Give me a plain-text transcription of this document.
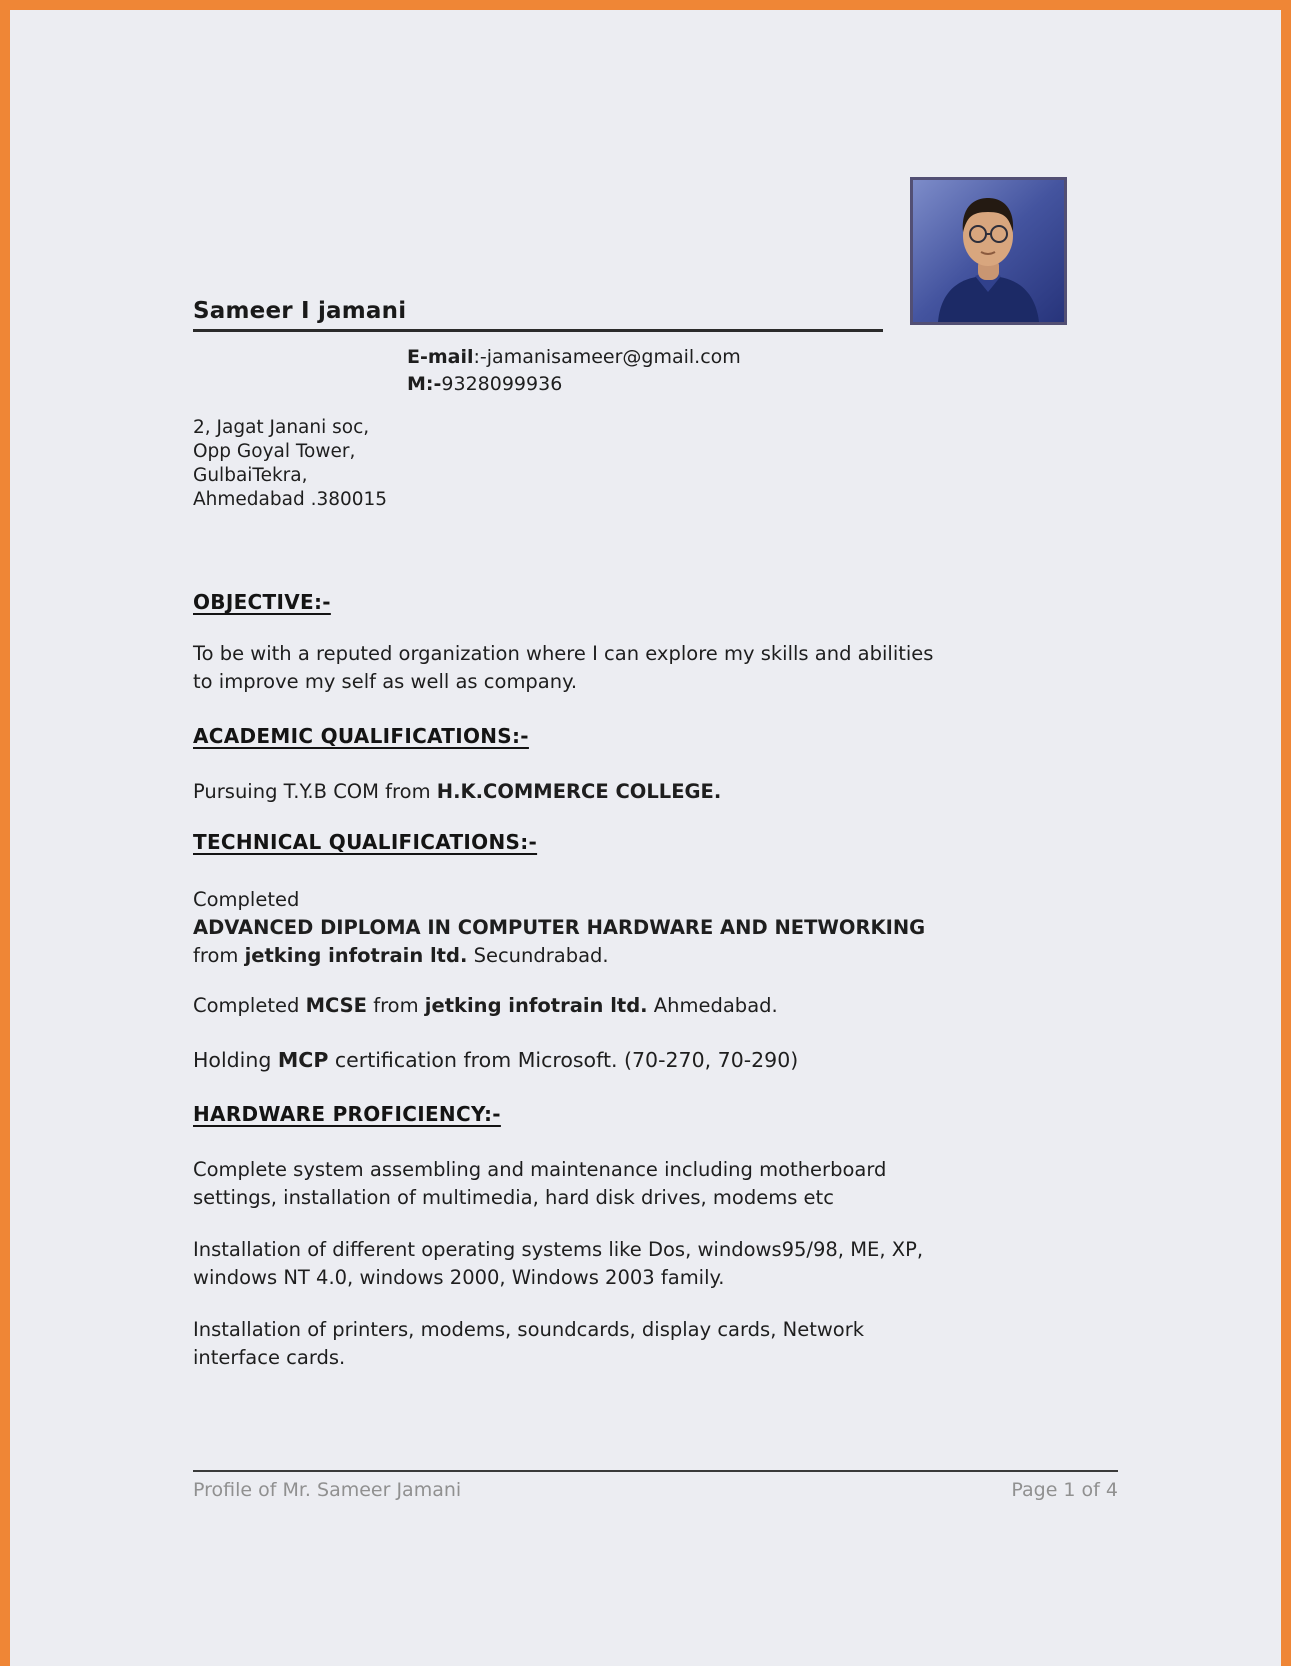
Sameer I jamani
E-mail:-jamanisameer@gmail.com
M:-9328099936
2, Jagat Janani soc,
Opp Goyal Tower,
GulbaiTekra,
Ahmedabad .380015
OBJECTIVE:-
To be with a reputed organization where I can explore my skills and abilities
to improve my self as well as company.
ACADEMIC QUALIFICATIONS:-
Pursuing T.Y.B COM from H.K.COMMERCE COLLEGE.
TECHNICAL QUALIFICATIONS:-
Completed
ADVANCED DIPLOMA IN COMPUTER HARDWARE AND NETWORKING
from jetking infotrain ltd. Secundrabad.
Completed MCSE from jetking infotrain ltd. Ahmedabad.
Holding MCP certification from Microsoft. (70-270, 70-290)
HARDWARE PROFICIENCY:-
Complete system assembling and maintenance including motherboard
settings, installation of multimedia, hard disk drives, modems etc
Installation of different operating systems like Dos, windows95/98, ME, XP,
windows NT 4.0, windows 2000, Windows 2003 family.
Installation of printers, modems, soundcards, display cards, Network
interface cards.
Profile of Mr. Sameer Jamani	Page 1 of 4
